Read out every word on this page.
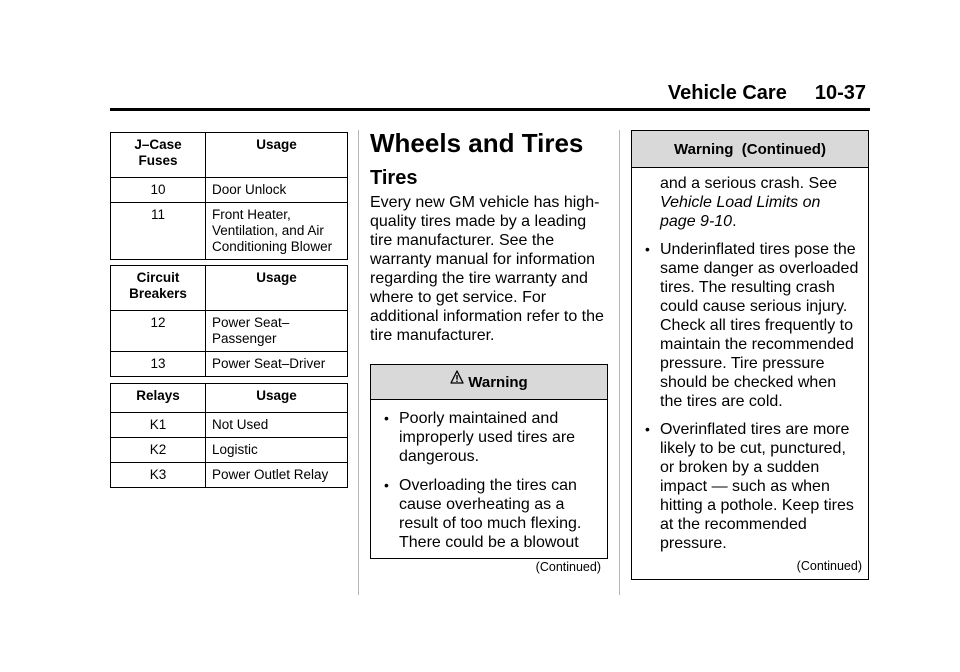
Vehicle Care 10-37
J–Case Fuses	Usage
10	Door Unlock
11	Front Heater, Ventilation, and Air Conditioning Blower
Circuit Breakers	Usage
12	Power Seat–Passenger
13	Power Seat–Driver
Relays	Usage
K1	Not Used
K2	Logistic
K3	Power Outlet Relay
Wheels and Tires
Tires

Every new GM vehicle has high-quality tires made by a leading tire manufacturer. See the warranty manual for information regarding the tire warranty and where to get service. For additional information refer to the tire manufacturer.

Warning
• Poorly maintained and improperly used tires are dangerous.
• Overloading the tires can cause overheating as a result of too much flexing. There could be a blowout
(Continued)
Warning  (Continued)
and a serious crash. See Vehicle Load Limits on page 9-10.
• Underinflated tires pose the same danger as overloaded tires. The resulting crash could cause serious injury. Check all tires frequently to maintain the recommended pressure. Tire pressure should be checked when the tires are cold.
• Overinflated tires are more likely to be cut, punctured, or broken by a sudden impact — such as when hitting a pothole. Keep tires at the recommended pressure.
(Continued)
